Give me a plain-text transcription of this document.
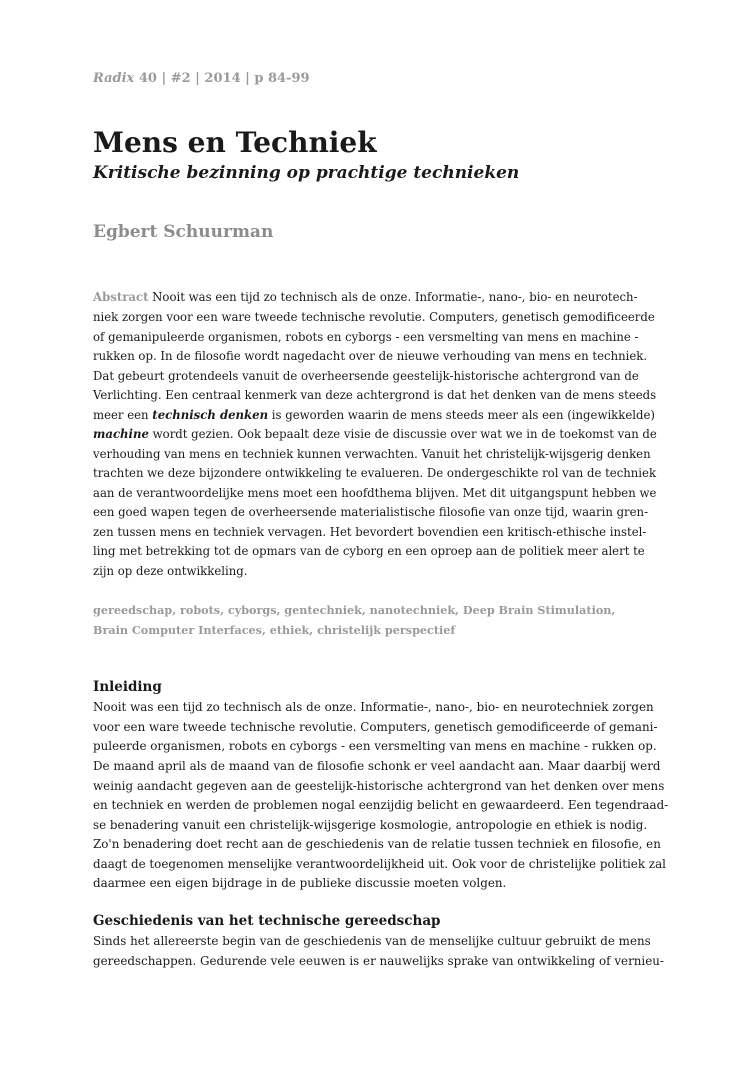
Radix 40 | #2 | 2014 | p 84-99
Mens en Techniek
Kritische bezinning op prachtige technieken
Egbert Schuurman
Abstract Nooit was een tijd zo technisch als de onze. Informatie-, nano-, bio- en neurotech-
niek zorgen voor een ware tweede technische revolutie. Computers, genetisch gemodificeerde
of gemanipuleerde organismen, robots en cyborgs - een versmelting van mens en machine -
rukken op. In de filosofie wordt nagedacht over de nieuwe verhouding van mens en techniek.
Dat gebeurt grotendeels vanuit de overheersende geestelijk-historische achtergrond van de
Verlichting. Een centraal kenmerk van deze achtergrond is dat het denken van de mens steeds
meer een technisch denken is geworden waarin de mens steeds meer als een (ingewikkelde)
machine wordt gezien. Ook bepaalt deze visie de discussie over wat we in de toekomst van de
verhouding van mens en techniek kunnen verwachten. Vanuit het christelijk-wijsgerig denken
trachten we deze bijzondere ontwikkeling te evalueren. De ondergeschikte rol van de techniek
aan de verantwoordelijke mens moet een hoofdthema blijven. Met dit uitgangspunt hebben we
een goed wapen tegen de overheersende materialistische filosofie van onze tijd, waarin gren-
zen tussen mens en techniek vervagen. Het bevordert bovendien een kritisch-ethische instel-
ling met betrekking tot de opmars van de cyborg en een oproep aan de politiek meer alert te
zijn op deze ontwikkeling.
gereedschap, robots, cyborgs, gentechniek, nanotechniek, Deep Brain Stimulation,
Brain Computer Interfaces, ethiek, christelijk perspectief
Inleiding
Nooit was een tijd zo technisch als de onze. Informatie-, nano-, bio- en neurotechniek zorgen
voor een ware tweede technische revolutie. Computers, genetisch gemodificeerde of gemani-
puleerde organismen, robots en cyborgs - een versmelting van mens en machine - rukken op.
De maand april als de maand van de filosofie schonk er veel aandacht aan. Maar daarbij werd
weinig aandacht gegeven aan de geestelijk-historische achtergrond van het denken over mens
en techniek en werden de problemen nogal eenzijdig belicht en gewaardeerd. Een tegendraad-
se benadering vanuit een christelijk-wijsgerige kosmologie, antropologie en ethiek is nodig.
Zo'n benadering doet recht aan de geschiedenis van de relatie tussen techniek en filosofie, en
daagt de toegenomen menselijke verantwoordelijkheid uit. Ook voor de christelijke politiek zal
daarmee een eigen bijdrage in de publieke discussie moeten volgen.
Geschiedenis van het technische gereedschap
Sinds het allereerste begin van de geschiedenis van de menselijke cultuur gebruikt de mens
gereedschappen. Gedurende vele eeuwen is er nauwelijks sprake van ontwikkeling of vernieu-
